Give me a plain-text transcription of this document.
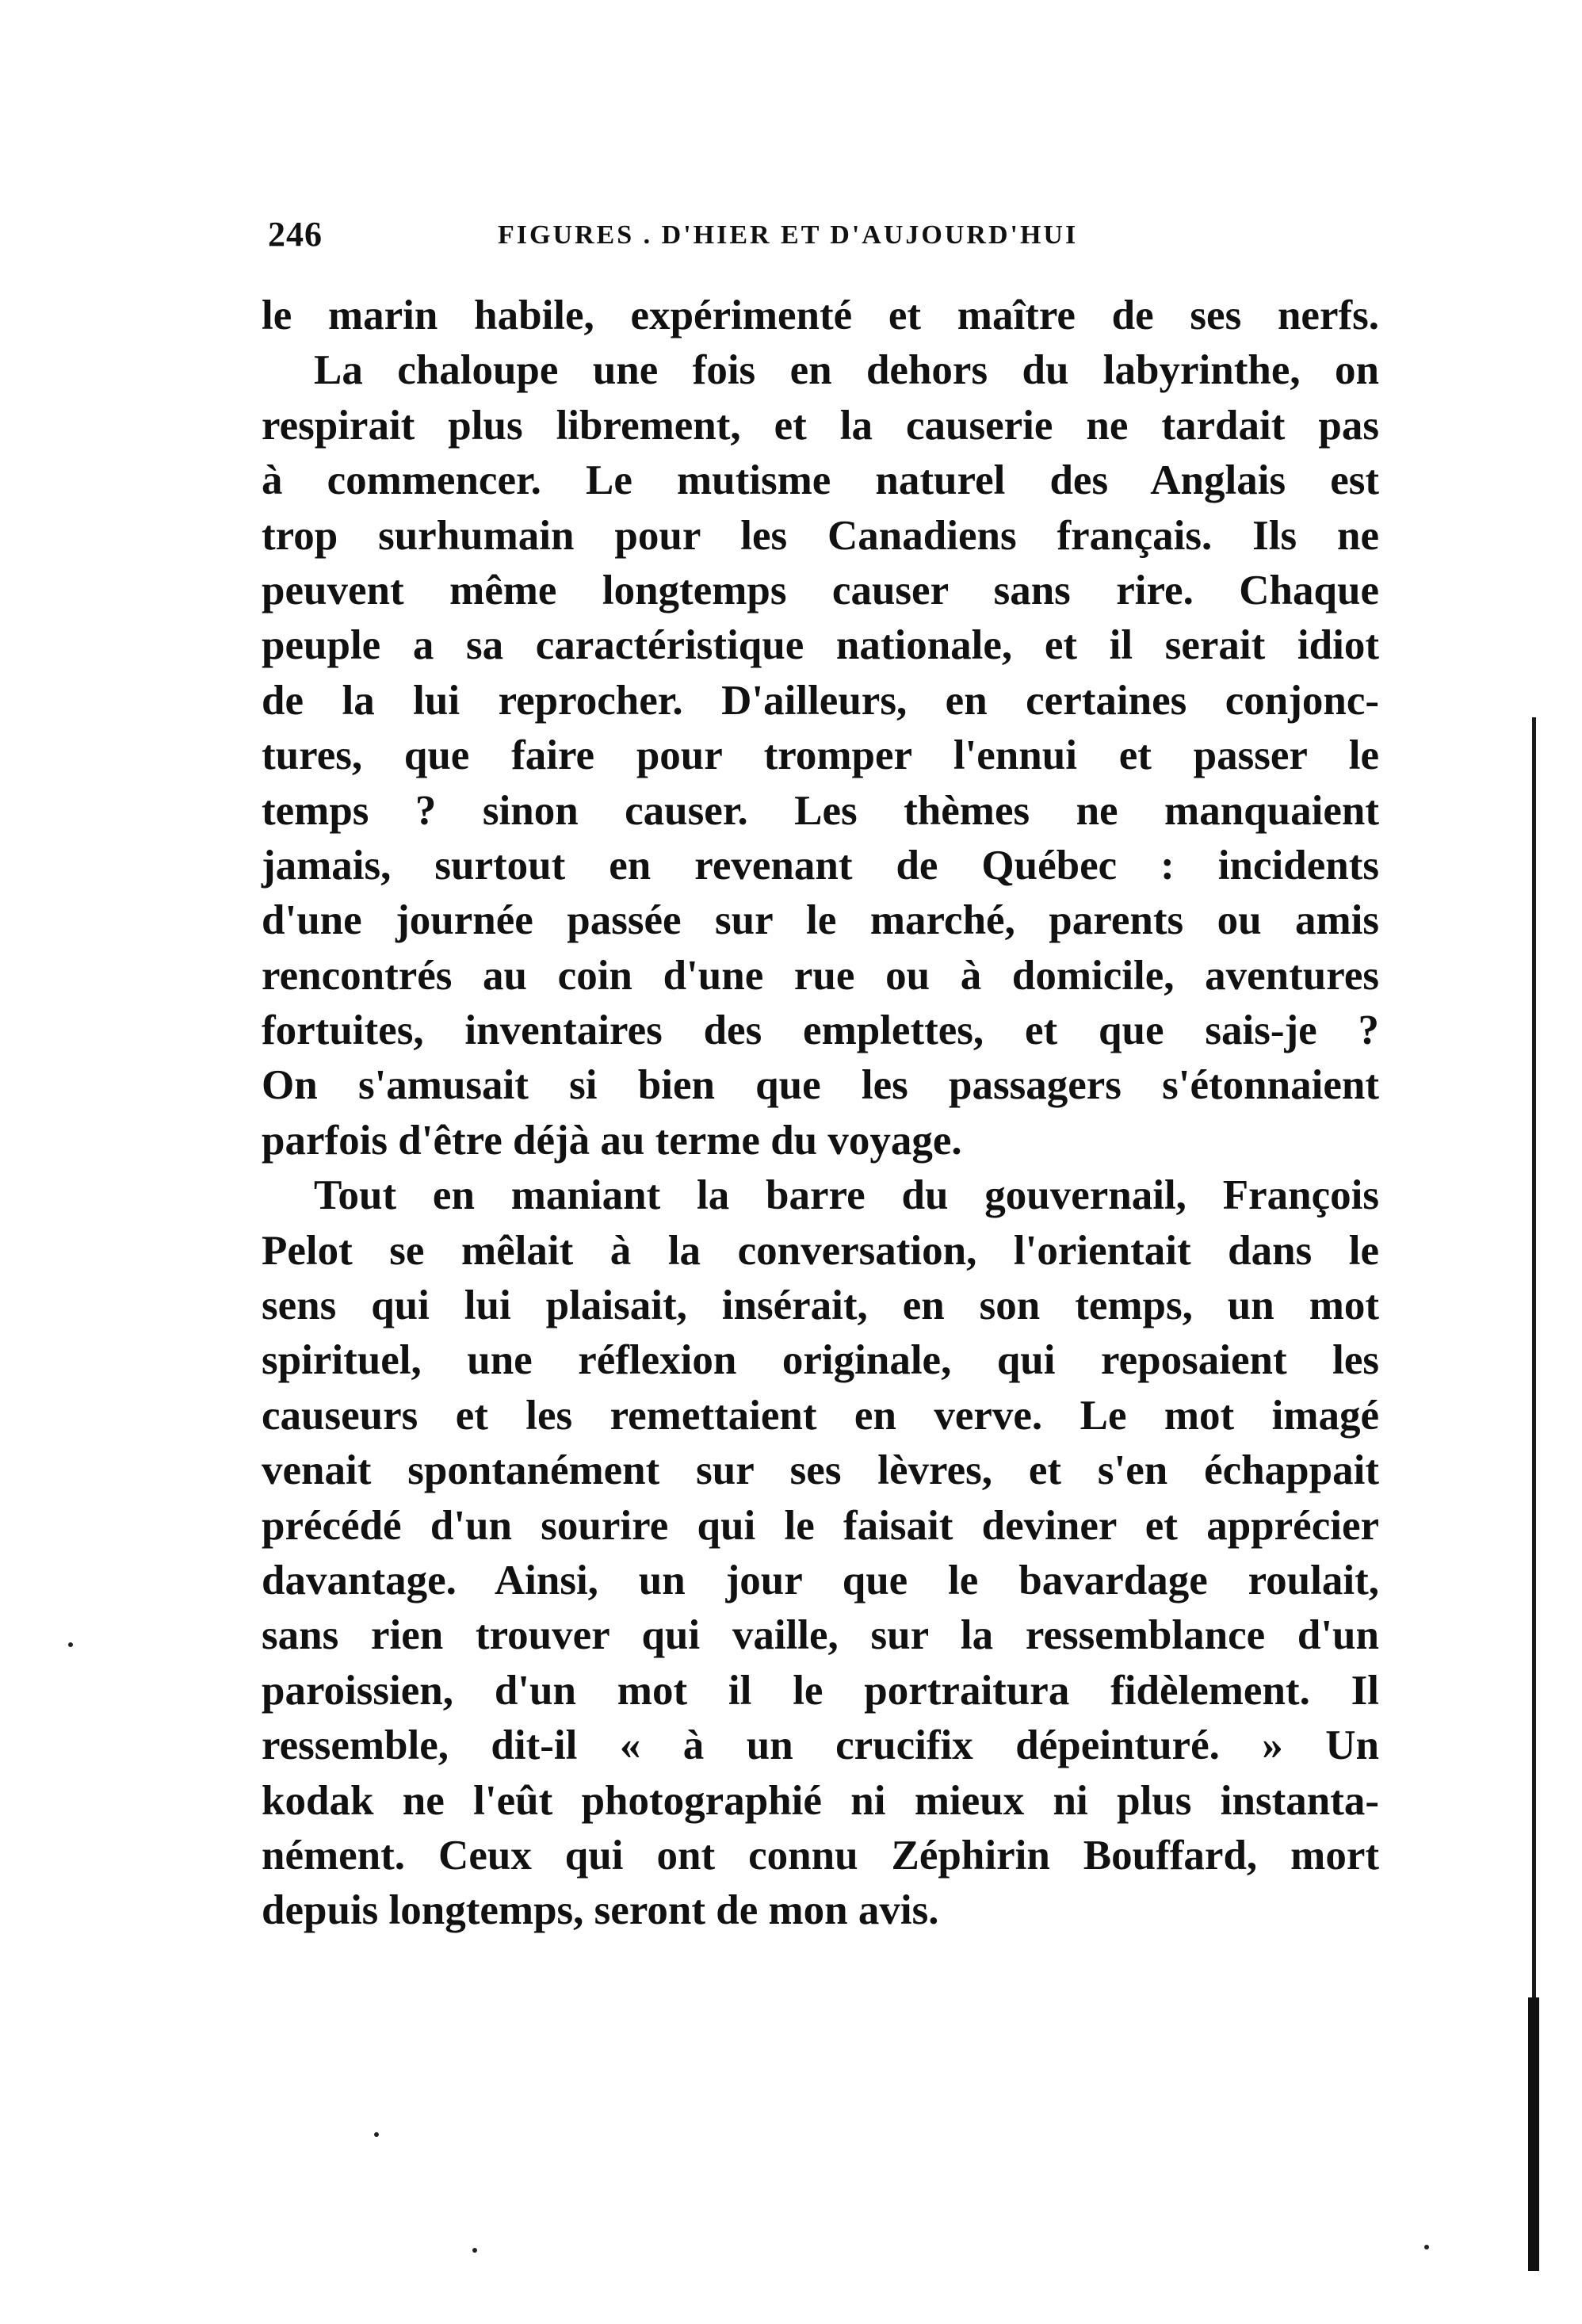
246	FIGURES . D'HIER ET D'AUJOURD'HUI
le marin habile, expérimenté et maître de ses nerfs.
La chaloupe une fois en dehors du labyrinthe, on
respirait plus librement, et la causerie ne tardait pas
à commencer. Le mutisme naturel des Anglais est
trop surhumain pour les Canadiens français. Ils ne
peuvent même longtemps causer sans rire. Chaque
peuple a sa caractéristique nationale, et il serait idiot
de la lui reprocher. D'ailleurs, en certaines conjonc-
tures, que faire pour tromper l'ennui et passer le
temps ? sinon causer. Les thèmes ne manquaient
jamais, surtout en revenant de Québec : incidents
d'une journée passée sur le marché, parents ou amis
rencontrés au coin d'une rue ou à domicile, aventures
fortuites, inventaires des emplettes, et que sais-je ?
On s'amusait si bien que les passagers s'étonnaient
parfois d'être déjà au terme du voyage.
Tout en maniant la barre du gouvernail, François
Pelot se mêlait à la conversation, l'orientait dans le
sens qui lui plaisait, insérait, en son temps, un mot
spirituel, une réflexion originale, qui reposaient les
causeurs et les remettaient en verve. Le mot imagé
venait spontanément sur ses lèvres, et s'en échappait
précédé d'un sourire qui le faisait deviner et apprécier
davantage. Ainsi, un jour que le bavardage roulait,
sans rien trouver qui vaille, sur la ressemblance d'un
paroissien, d'un mot il le portraitura fidèlement. Il
ressemble, dit-il « à un crucifix dépeinturé. » Un
kodak ne l'eût photographié ni mieux ni plus instanta-
nément. Ceux qui ont connu Zéphirin Bouffard, mort
depuis longtemps, seront de mon avis.
